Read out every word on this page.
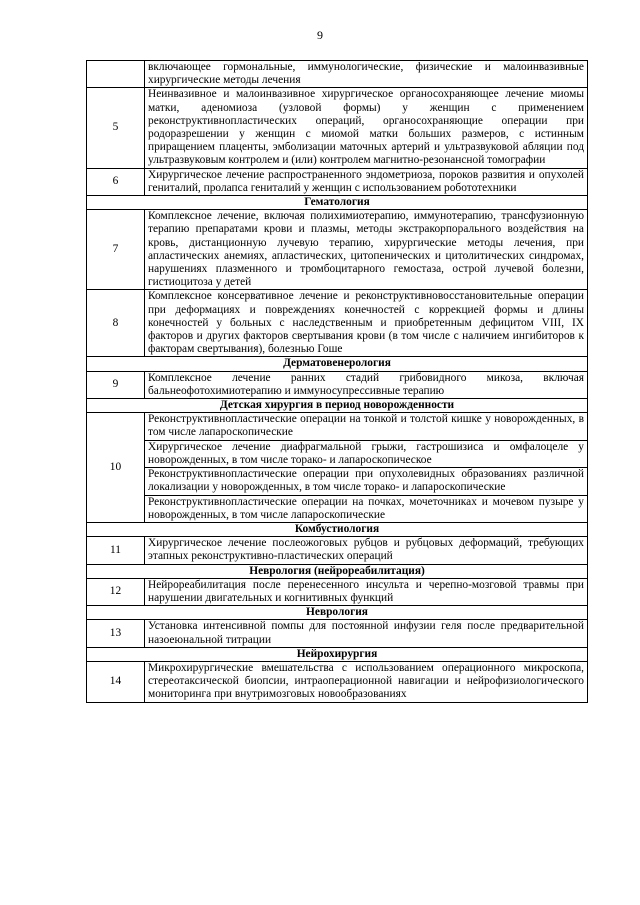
9
	включающее гормональные, иммунологические, физические и малоинвазивные хирургические методы лечения
5	Неинвазивное и малоинвазивное хирургическое органосохраняющее лечение миомы матки, аденомиоза (узловой формы) у женщин с применением реконструктивнопластических операций, органосохраняющие операции при родоразрешении у женщин с миомой матки больших размеров, с истинным приращением плаценты, эмболизации маточных артерий и ультразвуковой абляции под ультразвуковым контролем и (или) контролем магнитно-резонансной томографии
6	Хирургическое лечение распространенного эндометриоза, пороков развития и опухолей гениталий, пролапса гениталий у женщин с использованием робототехники
Гематология	
7	Комплексное лечение, включая полихимиотерапию, иммунотерапию, трансфузионную терапию препаратами крови и плазмы, методы экстракорпорального воздействия на кровь, дистанционную лучевую терапию, хирургические методы лечения, при апластических анемиях, апластических, цитопенических и цитолитических синдромах, нарушениях плазменного и тромбоцитарного гемостаза, острой лучевой болезни, гистиоцитоза у детей
8	Комплексное консервативное лечение и реконструктивновосстановительные операции при деформациях и повреждениях конечностей с коррекцией формы и длины конечностей у больных с наследственным и приобретенным дефицитом VIII, IX факторов и других факторов свертывания крови (в том числе с наличием ингибиторов к факторам свертывания), болезнью Гоше
Дерматовенерология	
9	Комплексное лечение ранних стадий грибовидного микоза, включая бальнеофотохимиотерапию и иммуносупрессивные терапию
Детская хирургия в период новорожденности	
10	Реконструктивнопластические операции на тонкой и толстой кишке у новорожденных, в том числе лапароскопические
	Хирургическое лечение диафрагмальной грыжи, гастрошизиса и омфалоцеле у новорожденных, в том числе торако- и лапароскопическое
	Реконструктивнопластические операции при опухолевидных образованиях различной локализации у новорожденных, в том числе торако- и лапароскопические
	Реконструктивнопластические операции на почках, мочеточниках и мочевом пузыре у новорожденных, в том числе лапароскопические
Комбустиология	
11	Хирургическое лечение послеожоговых рубцов и рубцовых деформаций, требующих этапных реконструктивно-пластических операций
Неврология (нейрореабилитация)	
12	Нейрореабилитация после перенесенного инсульта и черепно-мозговой травмы при нарушении двигательных и когнитивных функций
Неврология	
13	Установка интенсивной помпы для постоянной инфузии геля после предварительной назоеюнальной титрации
Нейрохирургия	
14	Микрохирургические вмешательства с использованием операционного микроскопа, стереотаксической биопсии, интраоперационной навигации и нейрофизиологического мониторинга при внутримозговых новообразованиях
